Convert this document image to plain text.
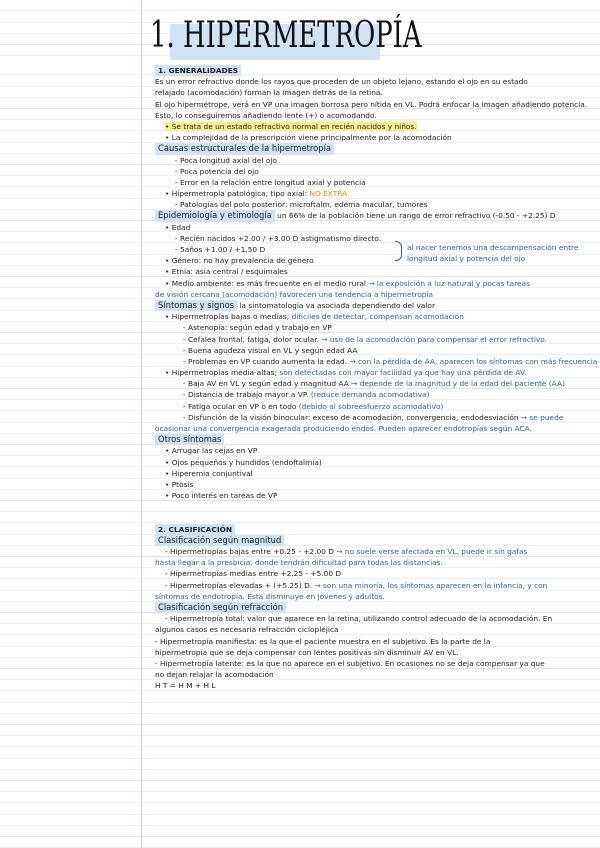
1. HIPERMETROPÍA
1. GENERALIDADES
Es un error refractivo donde los rayos que proceden de un objeto lejano, estando el ojo en su estado
relajado (acomodación) forman la imagen detrás de la retina.
El ojo hipermétrope, verá en VP una imagen borrosa pero nítida en VL. Podrá enfocar la imagen añadiendo potencia.
Esto, lo conseguiremos añadiendo lente (+) o acomodando.
• Se trata de un estado refractivo normal en recién nacidos y niños.
• La complejidad de la prescripción viene principalmente por la acomodación
Causas estructurales de la hipermetropía
- Poca longitud axial del ojo
- Poca potencia del ojo
- Error en la relación entre longitud axial y potencia
• Hipermetropía patológica; tipo axial: NO EXTRA
- Patologías del polo posterior: microftalm, edema macular, tumores
Epidemiología y etimología un 66% de la población tiene un rango de error refractivo (-0.50 - +2.25) D
• Edad
- Recién nacidos +2.00 / +3.00 D astigmatismo directo.
- 5años +1.00 / +1.50 D
• Género: no hay prevalencia de género
• Etnia: asia central / esquimales
• Medio ambiente: es más frecuente en el medio rural → la exposición a luz natural y pocas tareas
de visión cercana (acomodación) favorecen una tendencia a hipermetropía
Síntomas y signos la sintomatología va asociada dependiendo del valor
• Hipermetropías bajas o medias; difíciles de detectar, compensan acomodación
- Astenopía: según edad y trabajo en VP
- Cefalea frontal, fatiga, dolor ocular. → uso de la acomodación para compensar el error refractivo.
- Buena agudeza visual en VL y según edad AA
- Problemas en VP cuando aumenta la edad. → con la pérdida de AA, aparecen los síntomas con más frecuencia
• Hipermetropías media-altas; son detectadas con mayor facilidad ya que hay una pérdida de AV.
- Baja AV en VL y según edad y magnitud AA → depende de la magnitud y de la edad del paciente (AA)
- Distancia de trabajo mayor a VP. (reduce demanda acomodativa)
- Fatiga ocular en VP o en todo (debido al sobreesfuerzo acomodativo)
- Disfunción de la visión binocular: exceso de acomodación, convergencia, endodesviación → se puede
ocasionar una convergencia exagerada produciendo endos. Pueden aparecer endotropías según ACA.
Otros síntomas
• Arrugar las cejas en VP
• Ojos pequeños y hundidos (endoftalmia)
• Hiperemia conjuntival
• Ptosis
• Poco interés en tareas de VP
2. CLASIFICACIÓN
Clasificación según magnitud
- Hipermetropías bajas entre +0.25 - +2.00 D → no suele verse afectada en VL, puede ir sin gafas
hasta llegar a la presbicia, donde tendrán dificultad para todas las distancias.
- Hipermetropías medias entre +2.25 - +5.00 D
- Hipermetropías elevadas + (+5.25) D. → son una minoría, los síntomas aparecen en la infancia, y con
síntomas de endotropía. Esta disminuye en jóvenes y adultos.
Clasificación según refracción
- Hipermetropía total: valor que aparece en la retina, utilizando control adecuado de la acomodación. En
algunos casos es necesaria refracción ciclopléjica
- Hipermetropía manifiesta: es la que el paciente muestra en el subjetivo. Es la parte de la
hipermetropía que se deja compensar con lentes positivas sin disminuir AV en VL.
- Hipermetropía latente: es la que no aparece en el subjetivo. En ocasiones no se deja compensar ya que
no dejan relajar la acomodación
H T = H M + H L
al nacer tenemos una descompensación entre
longitud axial y potencia del ojo
